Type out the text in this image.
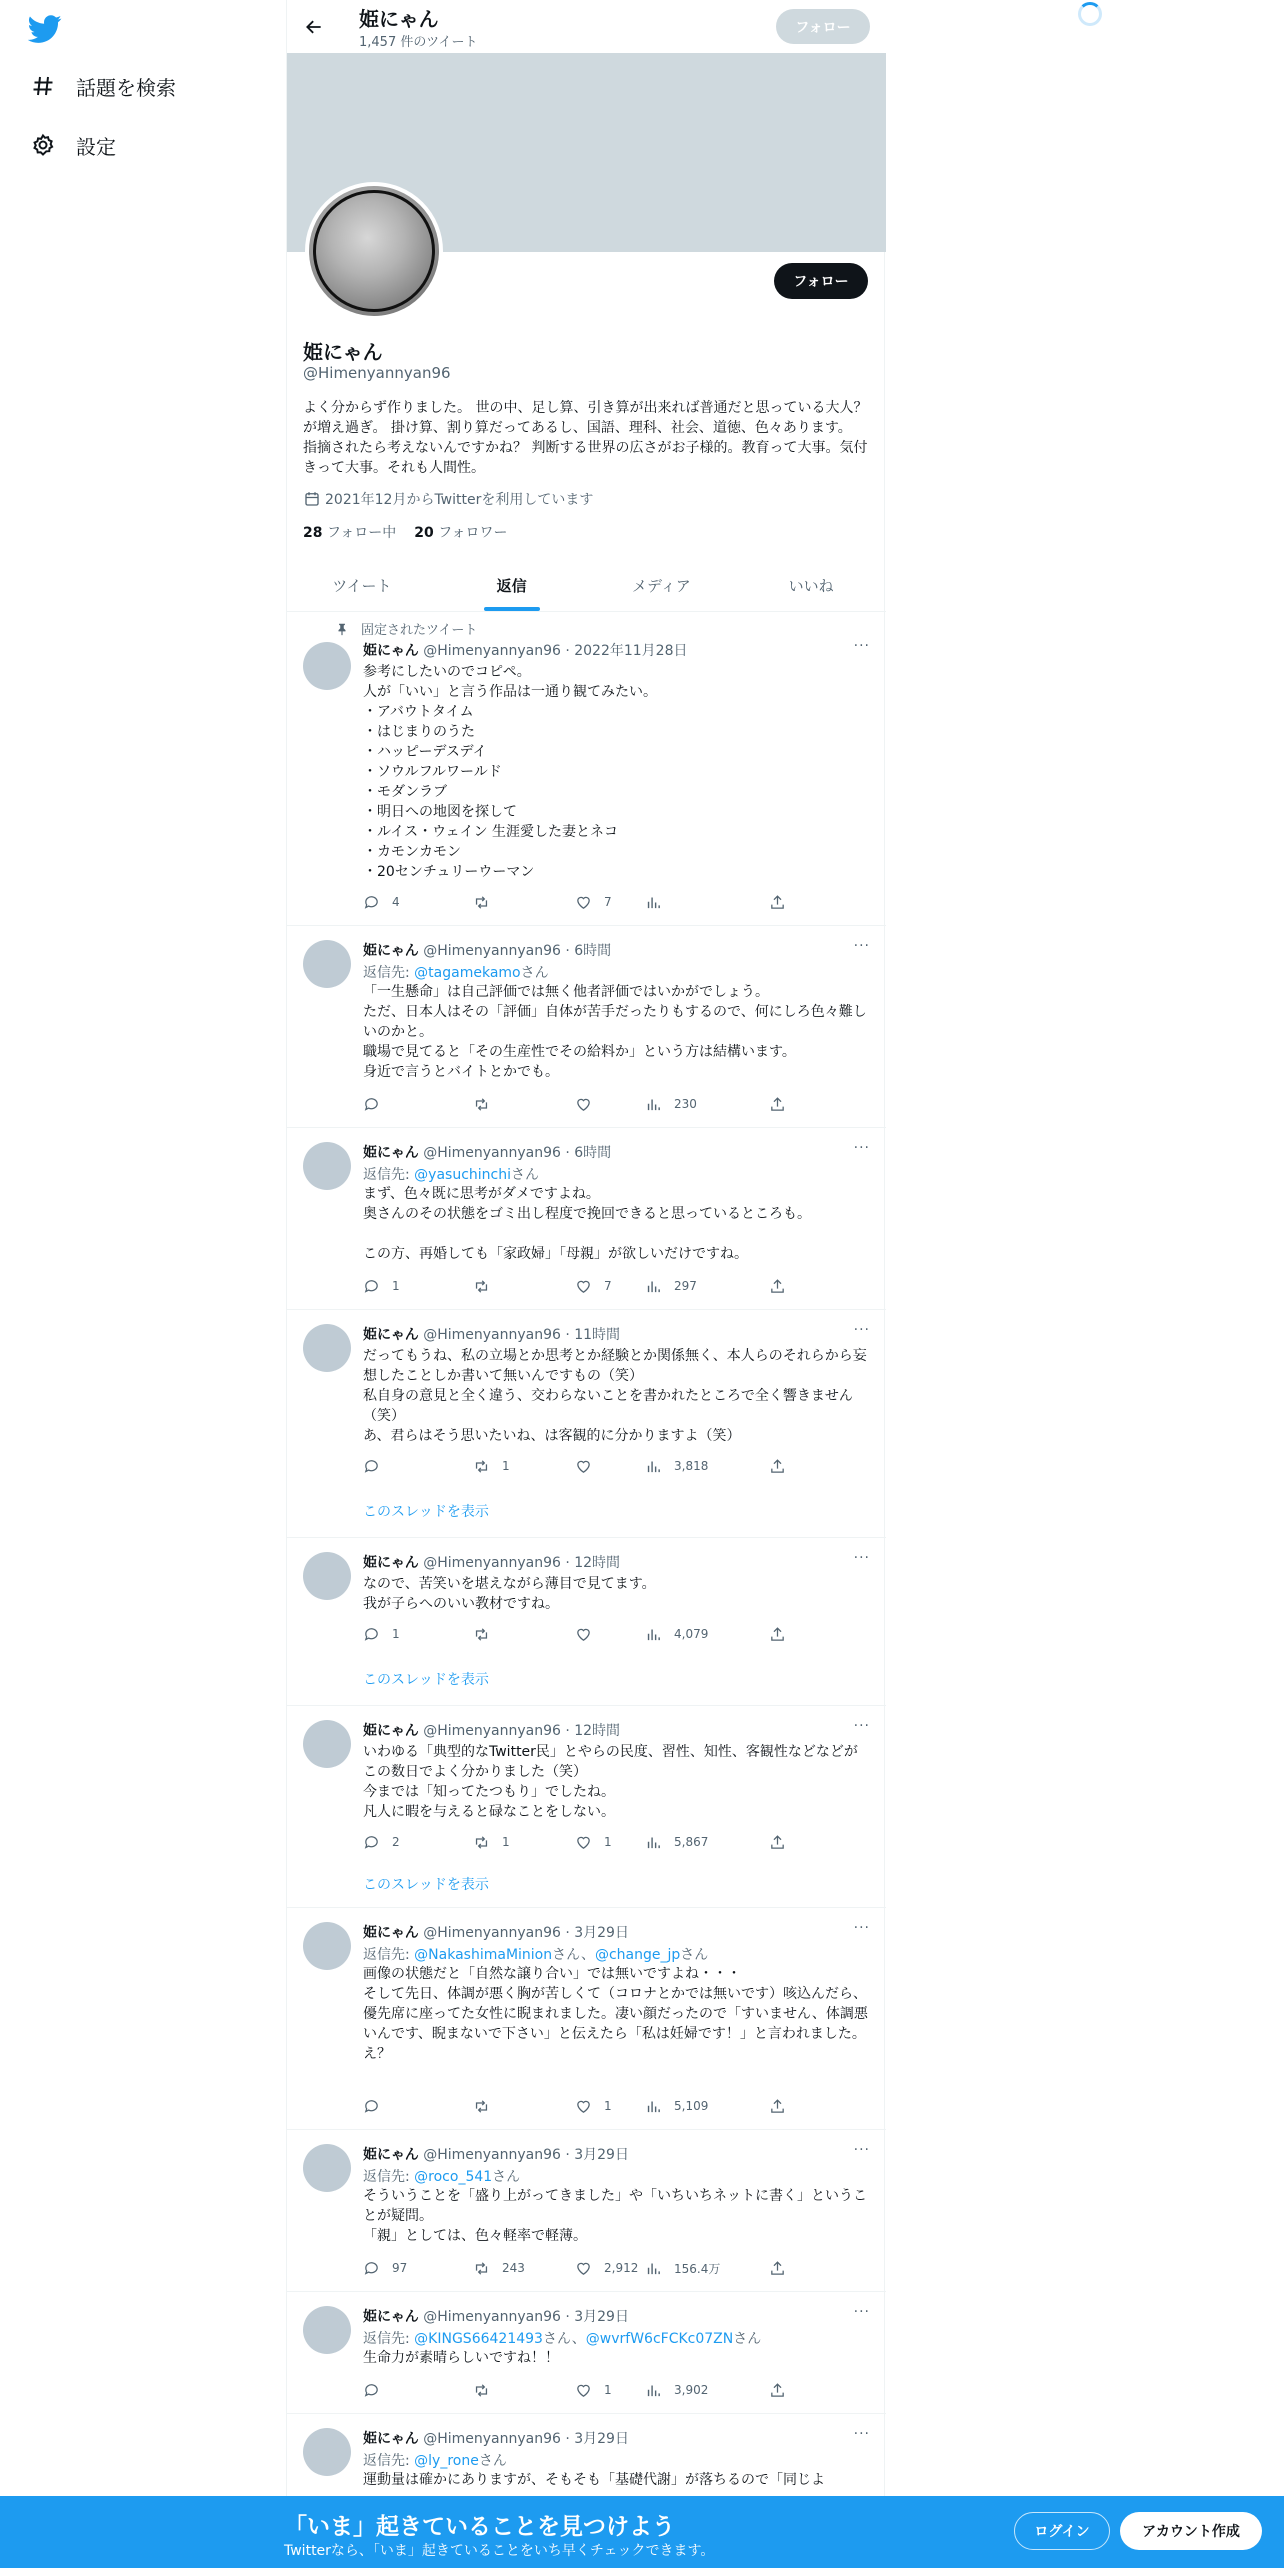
話題を検索
設定
姫にゃん
1,457 件のツイート
フォロー
フォロー
姫にゃん
@Himenyannyan96
よく分からず作りました。 世の中、足し算、引き算が出来れば普通だと思っている大人？が増え過ぎ。 掛け算、割り算だってあるし、国語、理科、社会、道徳、色々あります。 指摘されたら考えないんですかね？ 判断する世界の広さがお子様的。教育って大事。気付きって大事。それも人間性。
2021年12月からTwitterを利用しています
28 フォロー中 20 フォロワー
ツイート	返信	メディア	いいね
固定されたツイート
姫にゃん @Himenyannyan96 · 2022年11月28日	···
参考にしたいのでコピペ。
人が「いい」と言う作品は一通り観てみたい。
・アバウトタイム
・はじまりのうた
・ハッピーデスデイ
・ソウルフルワールド
・モダンラブ
・明日への地図を探して
・ルイス・ウェイン 生涯愛した妻とネコ
・カモンカモン
・20センチュリーウーマン
4	7
姫にゃん @Himenyannyan96 · 6時間	···
返信先: @tagamekamoさん
「一生懸命」は自己評価では無く他者評価ではいかがでしょう。
ただ、日本人はその「評価」自体が苦手だったりもするので、何にしろ色々難しいのかと。
職場で見てると「その生産性でその給料か」という方は結構います。
身近で言うとバイトとかでも。
230
姫にゃん @Himenyannyan96 · 6時間	···
返信先: @yasuchinchiさん
まず、色々既に思考がダメですよね。
奥さんのその状態をゴミ出し程度で挽回できると思っているところも。

この方、再婚しても「家政婦」「母親」が欲しいだけですね。
1	7	297
姫にゃん @Himenyannyan96 · 11時間	···
だってもうね、私の立場とか思考とか経験とか関係無く、本人らのそれらから妄想したことしか書いて無いんですもの（笑）
私自身の意見と全く違う、交わらないことを書かれたところで全く響きません（笑）
あ、君らはそう思いたいね、は客観的に分かりますよ（笑）
1	3,818
このスレッドを表示
姫にゃん @Himenyannyan96 · 12時間	···
なので、苦笑いを堪えながら薄目で見てます。
我が子らへのいい教材ですね。
1	4,079
このスレッドを表示
姫にゃん @Himenyannyan96 · 12時間	···
いわゆる「典型的なTwitter民」とやらの民度、習性、知性、客観性などなどがこの数日でよく分かりました（笑）
今までは「知ってたつもり」でしたね。
凡人に暇を与えると碌なことをしない。
2	1	1	5,867
このスレッドを表示
姫にゃん @Himenyannyan96 · 3月29日	···
返信先: @NakashimaMinionさん、@change_jpさん
画像の状態だと「自然な譲り合い」では無いですよね・・・
そして先日、体調が悪く胸が苦しくて（コロナとかでは無いです）咳込んだら、優先席に座ってた女性に睨まれました。凄い顔だったので「すいません、体調悪いんです、睨まないで下さい」と伝えたら「私は妊婦です！」と言われました。
え？
1	5,109
姫にゃん @Himenyannyan96 · 3月29日	···
返信先: @roco_541さん
そういうことを「盛り上がってきました」や「いちいちネットに書く」ということが疑問。
「親」としては、色々軽率で軽薄。
97	243	2,912	156.4万
姫にゃん @Himenyannyan96 · 3月29日	···
返信先: @KINGS66421493さん、@wvrfW6cFCKc07ZNさん
生命力が素晴らしいですね！！
1	3,902
姫にゃん @Himenyannyan96 · 3月29日	···
返信先: @ly_roneさん
運動量は確かにありますが、そもそも「基礎代謝」が落ちるので「同じよ
「いま」起きていることを見つけよう
Twitterなら、「いま」起きていることをいち早くチェックできます。
ログイン	アカウント作成
